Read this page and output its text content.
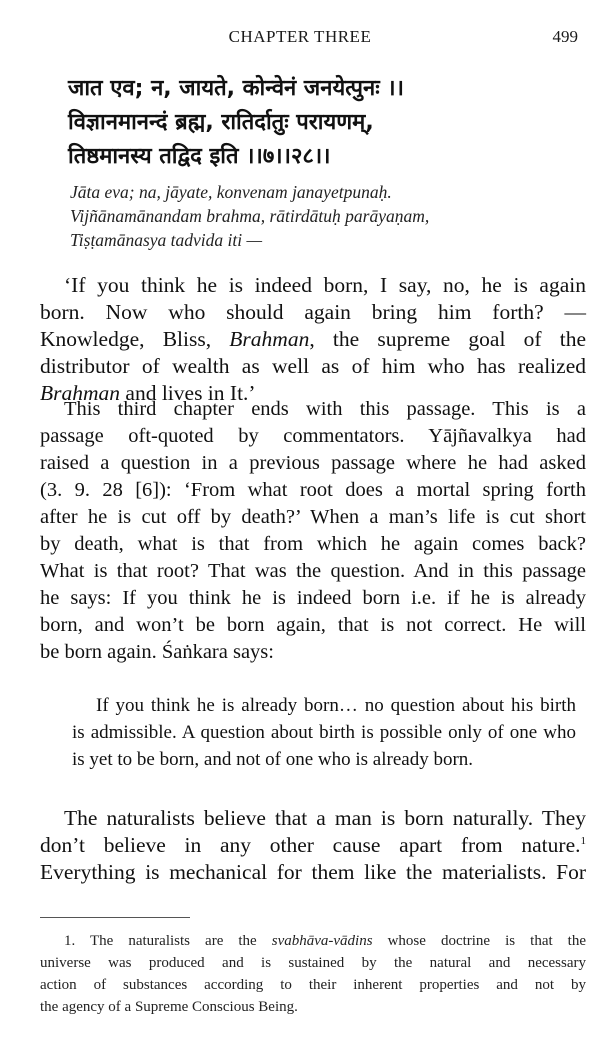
CHAPTER THREE	499
जात एव; न, जायते, कोन्वेनं जनयेत्पुनः ।।
विज्ञानमानन्दं ब्रह्म, रातिर्दातुः परायणम्,
तिष्ठमानस्य तद्विद इति ।।७।।२८।।
Jāta eva; na, jāyate, konvenam janayetpunaḥ.
Vijñānamānandam brahma, rātirdātuḥ parāyaṇam,
Tiṣṭamānasya tadvida iti —
‘If you think he is indeed born, I say, no, he is again
born. Now who should again bring him forth? —
Knowledge, Bliss, Brahman, the supreme goal of the
distributor of wealth as well as of him who has realized
Brahman and lives in It.’
This third chapter ends with this passage. This is a
passage oft-quoted by commentators. Yājñavalkya had
raised a question in a previous passage where he had asked
(3. 9. 28 [6]): ‘From what root does a mortal spring forth
after he is cut off by death?’ When a man’s life is cut short
by death, what is that from which he again comes back?
What is that root? That was the question. And in this passage
he says: If you think he is indeed born i.e. if he is already
born, and won’t be born again, that is not correct. He will
be born again. Śaṅkara says:
If you think he is already born… no question about his birth
is admissible. A question about birth is possible only of one who
is yet to be born, and not of one who is already born.
The naturalists believe that a man is born naturally. They
don’t believe in any other cause apart from nature.$^1$
Everything is mechanical for them like the materialists. For
1. The naturalists are the svabhāva-vādins whose doctrine is that the
universe was produced and is sustained by the natural and necessary
action of substances according to their inherent properties and not by
the agency of a Supreme Conscious Being.
